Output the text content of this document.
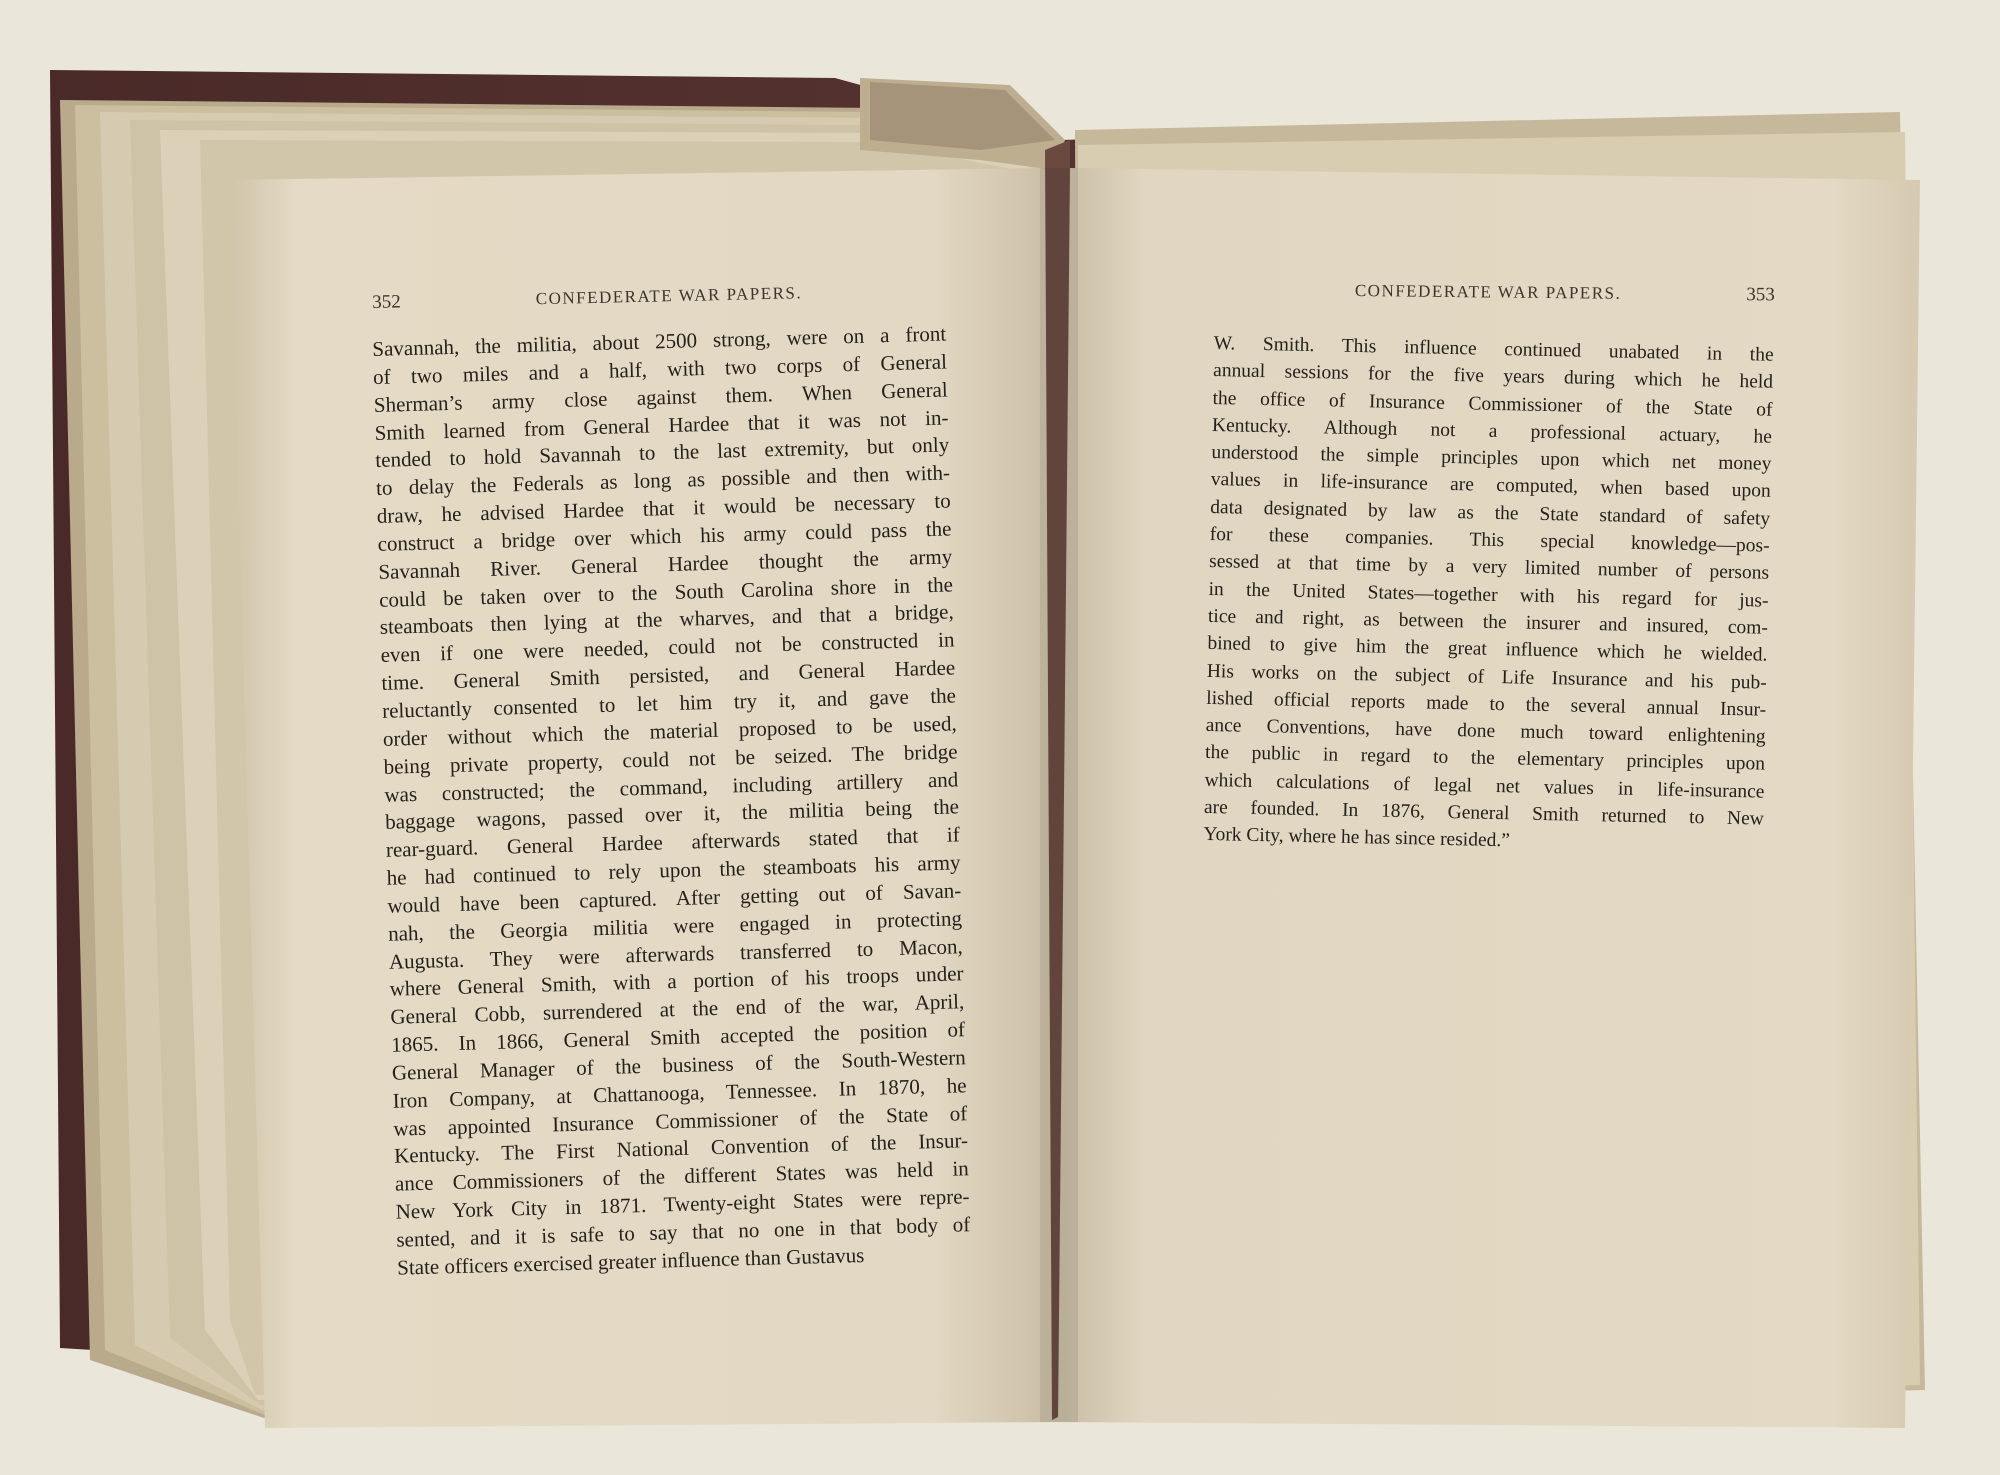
352	CONFEDERATE WAR PAPERS.	CONFEDERATE WAR PAPERS.	353
Savannah, the militia, about 2500 strong, were on a front
of two miles and a half, with two corps of General
Sherman’s army close against them. When General
Smith learned from General Hardee that it was not in-
tended to hold Savannah to the last extremity, but only
to delay the Federals as long as possible and then with-
draw, he advised Hardee that it would be necessary to
construct a bridge over which his army could pass the
Savannah River. General Hardee thought the army
could be taken over to the South Carolina shore in the
steamboats then lying at the wharves, and that a bridge,
even if one were needed, could not be constructed in
time. General Smith persisted, and General Hardee
reluctantly consented to let him try it, and gave the
order without which the material proposed to be used,
being private property, could not be seized. The bridge
was constructed; the command, including artillery and
baggage wagons, passed over it, the militia being the
rear-guard. General Hardee afterwards stated that if
he had continued to rely upon the steamboats his army
would have been captured. After getting out of Savan-
nah, the Georgia militia were engaged in protecting
Augusta. They were afterwards transferred to Macon,
where General Smith, with a portion of his troops under
General Cobb, surrendered at the end of the war, April,
1865. In 1866, General Smith accepted the position of
General Manager of the business of the South-Western
Iron Company, at Chattanooga, Tennessee. In 1870, he
was appointed Insurance Commissioner of the State of
Kentucky. The First National Convention of the Insur-
ance Commissioners of the different States was held in
New York City in 1871. Twenty-eight States were repre-
sented, and it is safe to say that no one in that body of
State officers exercised greater influence than Gustavus
W. Smith. This influence continued unabated in the
annual sessions for the five years during which he held
the office of Insurance Commissioner of the State of
Kentucky. Although not a professional actuary, he
understood the simple principles upon which net money
values in life-insurance are computed, when based upon
data designated by law as the State standard of safety
for these companies. This special knowledge—pos-
sessed at that time by a very limited number of persons
in the United States—together with his regard for jus-
tice and right, as between the insurer and insured, com-
bined to give him the great influence which he wielded.
His works on the subject of Life Insurance and his pub-
lished official reports made to the several annual Insur-
ance Conventions, have done much toward enlightening
the public in regard to the elementary principles upon
which calculations of legal net values in life-insurance
are founded. In 1876, General Smith returned to New
York City, where he has since resided.”
